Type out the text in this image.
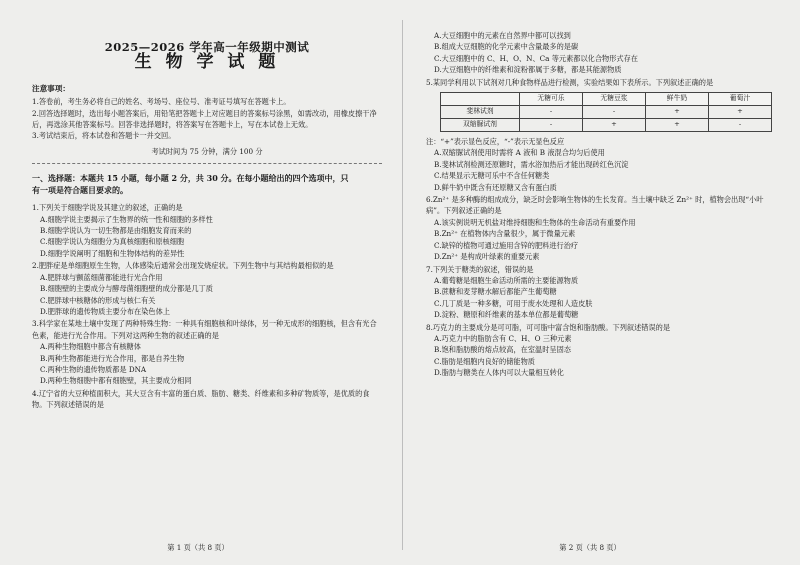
2025—2026 学年高一年级期中测试
生 物 学 试 题
注意事项：

1.答卷前，考生务必将自己的姓名、考场号、座位号、准考证号填写在答题卡上。

2.回答选择题时，选出每小题答案后，用铅笔把答题卡上对应题目的答案标号涂黑，如需改动，用橡皮擦干净后，再选涂其他答案标号。回答非选择题时，将答案写在答题卡上，写在本试卷上无效。

3.考试结束后，将本试卷和答题卡一并交回。

考试时间为 75 分钟，满分 100 分
一、选择题：本题共 15 小题，每小题 2 分，共 30 分。在每小题给出的四个选项中，只
有一项是符合题目要求的。

1.下列关于细胞学说及其建立的叙述，正确的是

A.细胞学说主要揭示了生物界的统一性和细胞的多样性

B.细胞学说认为一切生物都是由细胞发育而来的

C.细胞学说认为细胞分为真核细胞和原核细胞

D.细胞学说阐明了细胞和生物体结构的差异性

2.肥胖症是单细胞原生生物，人体感染后通常会出现发烧症状。下列生物中与其结构最相似的是

A.肥胖球与颤蓝细菌都能进行光合作用

B.细胞壁的主要成分与酵母菌细胞壁的成分都是几丁质

C.肥胖球中核糖体的形成与核仁有关

D.肥胖球的遗传物质主要分布在染色体上

3.科学家在某地土壤中发现了两种特殊生物：一种具有细胞核和叶绿体，另一种无成形的细胞核，但含有光合色素，能进行光合作用。下列对这两种生物的叙述正确的是

A.两种生物细胞中都含有核糖体

B.两种生物都能进行光合作用，都是自养生物

C.两种生物的遗传物质都是 DNA

D.两种生物细胞中都有细胞壁，其主要成分相同

4.辽宁省的大豆种植面积大，其大豆含有丰富的蛋白质、脂肪、糖类、纤维素和多种矿物质等，是优质的食物。下列叙述错误的是

A.大豆细胞中的元素在自然界中都可以找到

B.组成大豆细胞的化学元素中含量最多的是碳

C.大豆细胞中的 C、H、O、N、Ca 等元素都以化合物形式存在

D.大豆细胞中的纤维素和淀粉都属于多糖，都是其能源物质

5.某同学利用以下试剂对几种食物样品进行检测，实验结果如下表所示。下列叙述正确的是

	无糖可乐	无糖豆浆	鲜牛奶	葡萄汁
斐林试剂	-	-	+	+
双缩脲试剂	-	+	+	-

注：“+”表示显色反应，“-”表示无显色反应

A.双缩脲试剂使用时需将 A 液和 B 液混合均匀后使用

B.斐林试剂检测还原糖时，需水浴加热后才能出现砖红色沉淀

C.结果显示无糖可乐中不含任何糖类

D.鲜牛奶中既含有还原糖又含有蛋白质

6.Zn²⁺ 是多种酶的组成成分，缺乏时会影响生物体的生长发育。当土壤中缺乏 Zn²⁺ 时，植物会出现“小叶病”。下列叙述正确的是

A.该实例说明无机盐对维持细胞和生物体的生命活动有重要作用

B.Zn²⁺ 在植物体内含量很少，属于微量元素

C.缺锌的植物可通过施用含锌的肥料进行治疗

D.Zn²⁺ 是构成叶绿素的重要元素

7.下列关于糖类的叙述，错误的是

A.葡萄糖是细胞生命活动所需的主要能源物质

B.蔗糖和麦芽糖水解后都能产生葡萄糖

C.几丁质是一种多糖，可用于废水处理和人造皮肤

D.淀粉、糖原和纤维素的基本单位都是葡萄糖

8.巧克力的主要成分是可可脂，可可脂中富含饱和脂肪酸。下列叙述错误的是

A.巧克力中的脂肪含有 C、H、O 三种元素

B.饱和脂肪酸的熔点较高，在室温时呈固态

C.脂肪是细胞内良好的储能物质

D.脂肪与糖类在人体内可以大量相互转化

第 1 页（共 8 页）	第 2 页（共 8 页）
